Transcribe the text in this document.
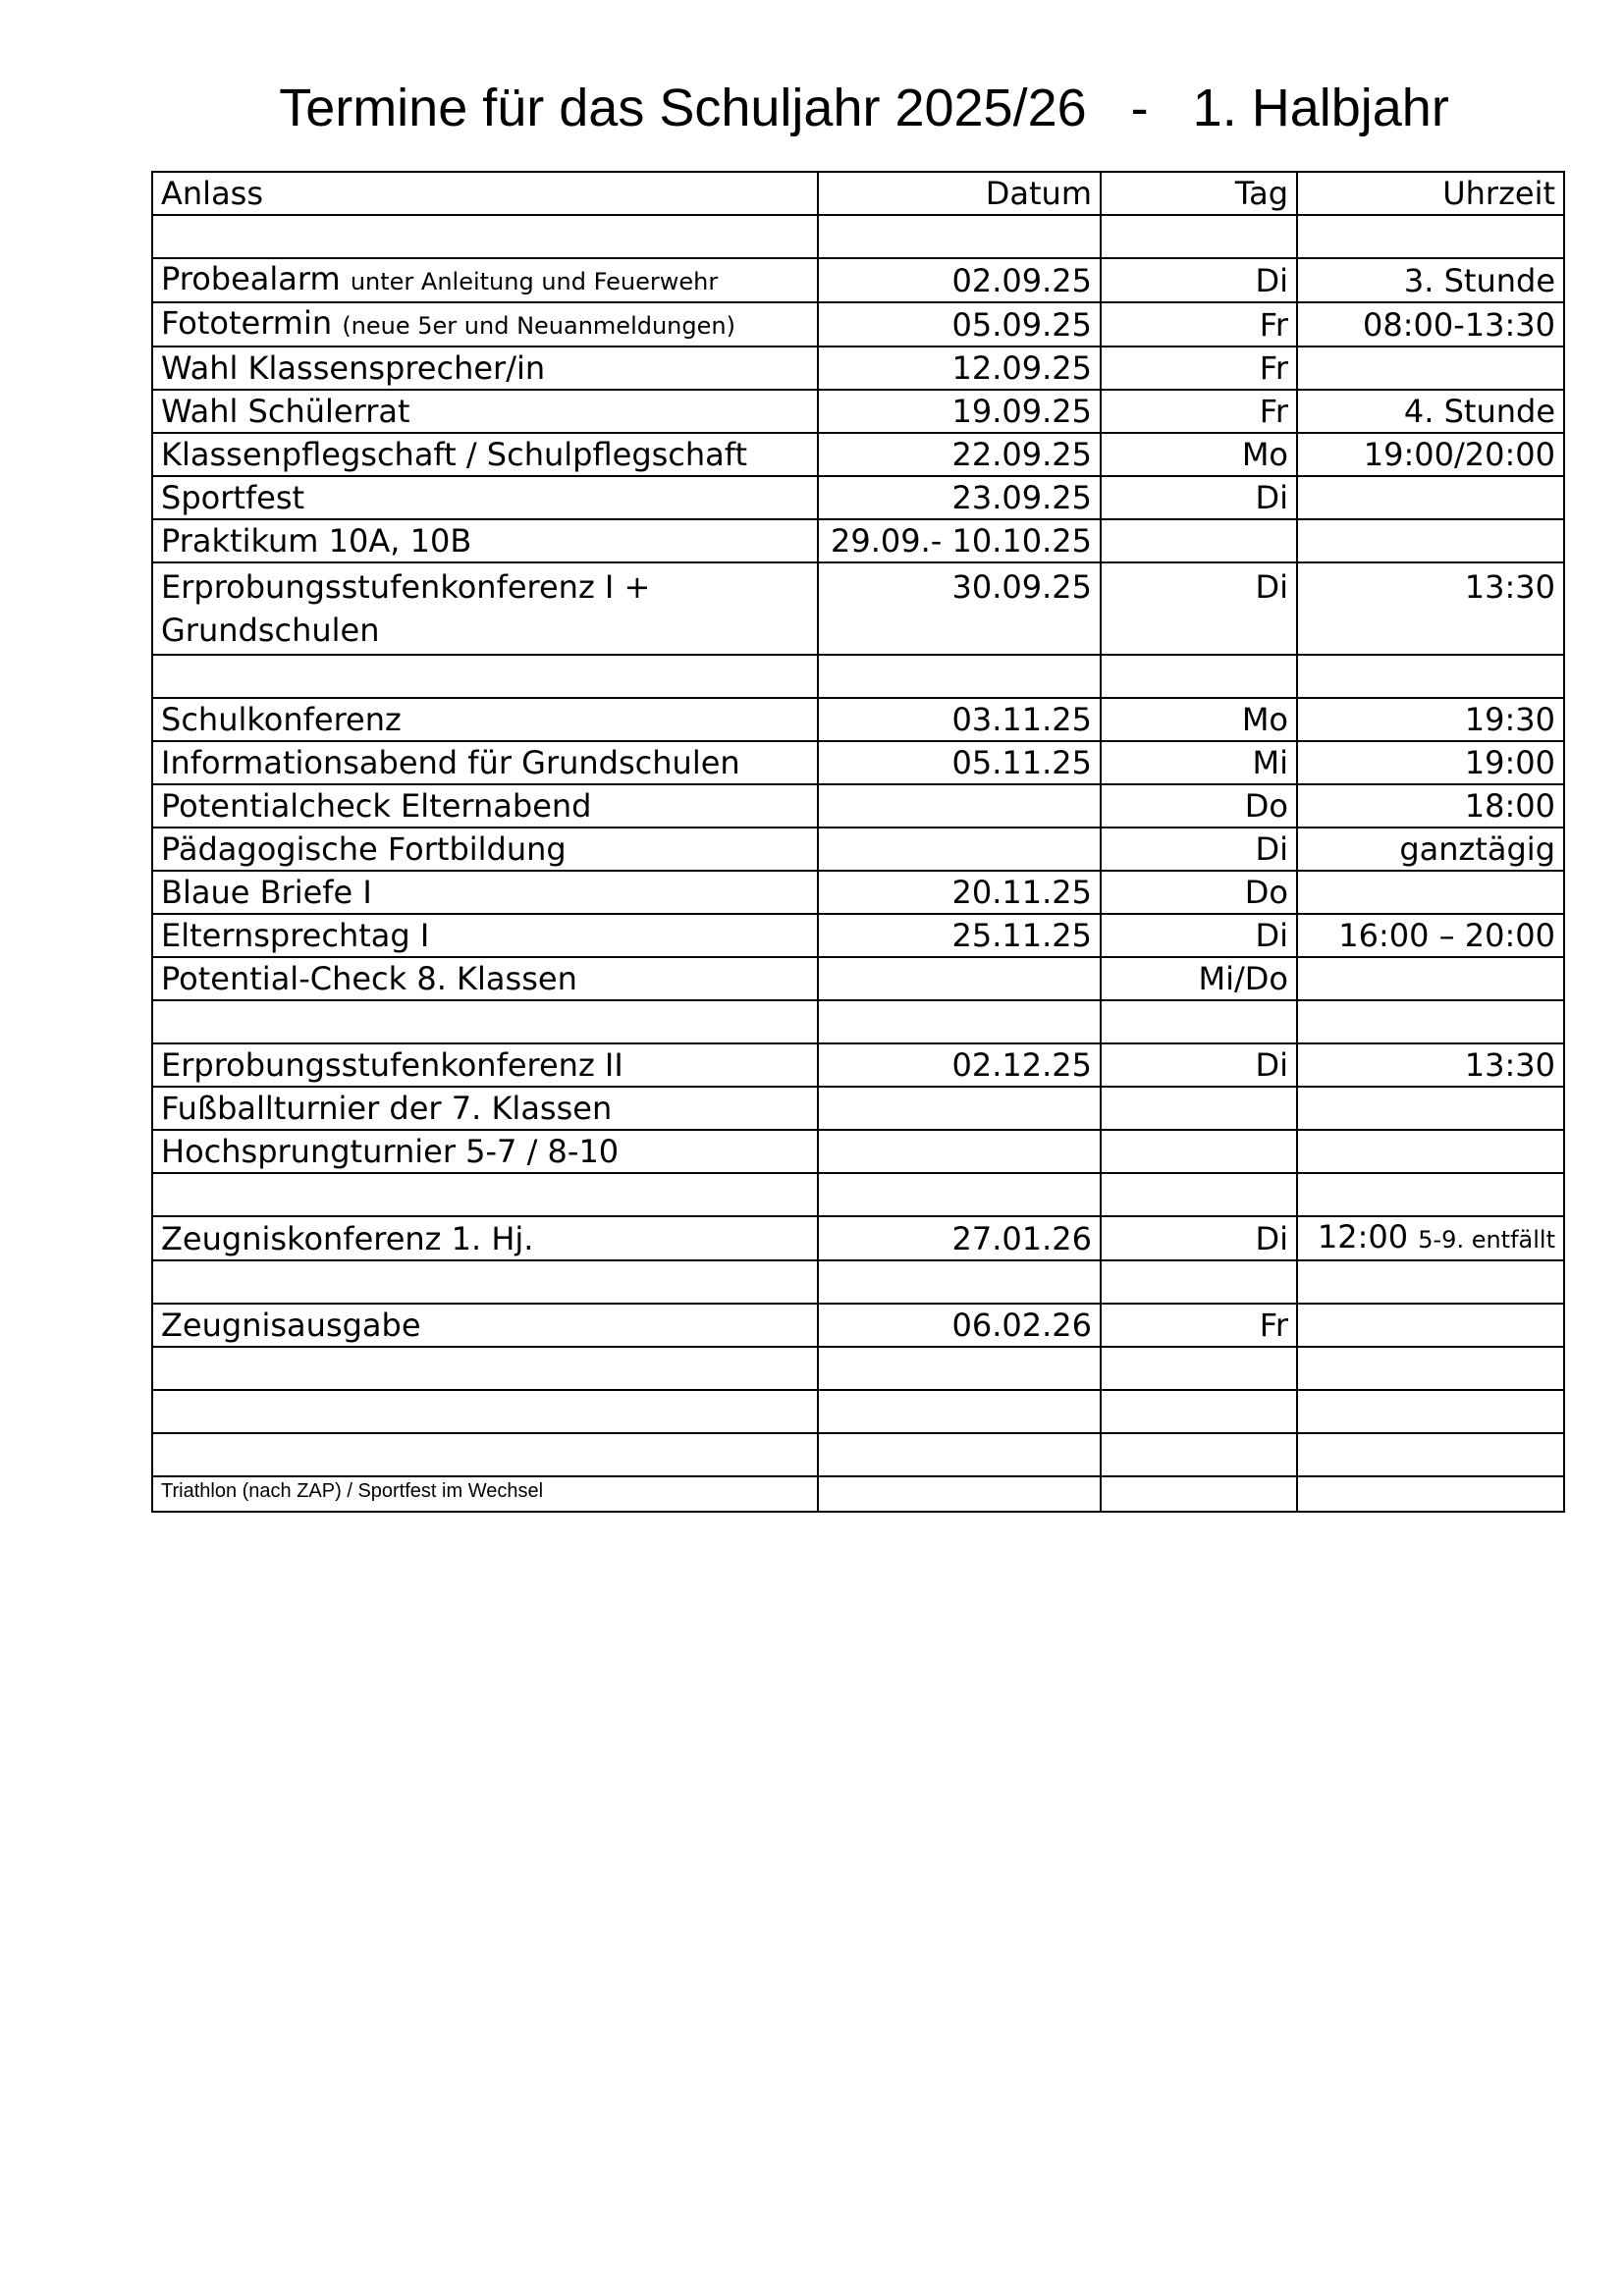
Termine für das Schuljahr 2025/26   -   1. Halbjahr
Anlass	Datum	Tag	Uhrzeit

Probealarm unter Anleitung und Feuerwehr	02.09.25	Di	3. Stunde
Fototermin (neue 5er und Neuanmeldungen)	05.09.25	Fr	08:00-13:30
Wahl Klassensprecher/in	12.09.25	Fr	
Wahl Schülerrat	19.09.25	Fr	4. Stunde
Klassenpflegschaft / Schulpflegschaft	22.09.25	Mo	19:00/20:00
Sportfest	23.09.25	Di	
Praktikum 10A, 10B	29.09.- 10.10.25		
Erprobungsstufenkonferenz I + Grundschulen	30.09.25	Di	13:30

Schulkonferenz	03.11.25	Mo	19:30
Informationsabend für Grundschulen	05.11.25	Mi	19:00
Potentialcheck Elternabend		Do	18:00
Pädagogische Fortbildung		Di	ganztägig
Blaue Briefe I	20.11.25	Do	
Elternsprechtag I	25.11.25	Di	16:00 – 20:00
Potential-Check 8. Klassen		Mi/Do	

Erprobungsstufenkonferenz II	02.12.25	Di	13:30
Fußballturnier der 7. Klassen			
Hochsprungturnier 5-7 / 8-10			

Zeugniskonferenz 1. Hj.	27.01.26	Di	12:00 5-9. entfällt

Zeugnisausgabe	06.02.26	Fr	

Triathlon (nach ZAP) / Sportfest im Wechsel			
